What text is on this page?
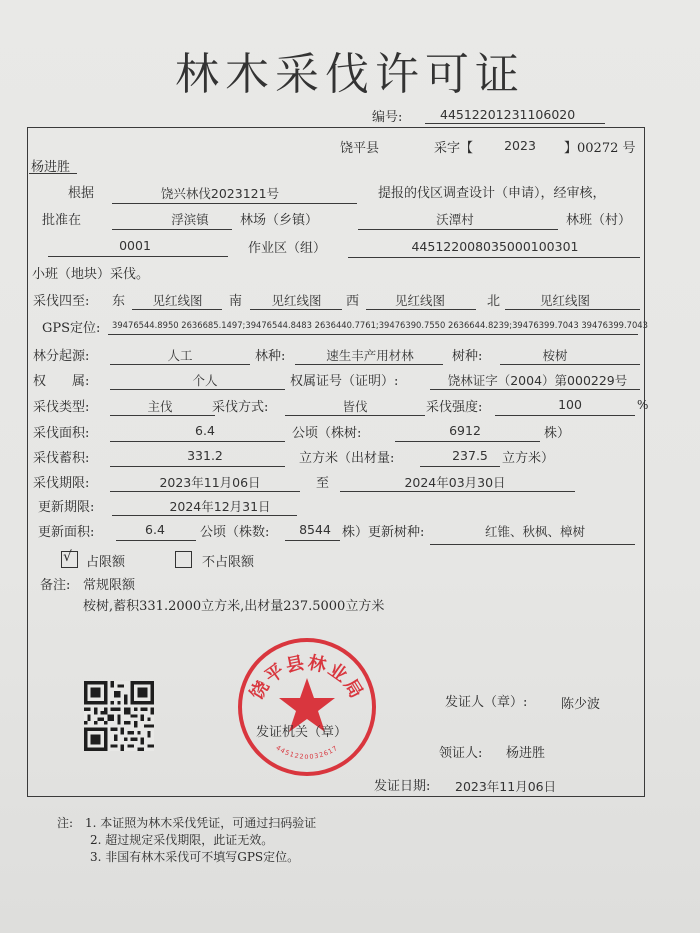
林木采伐许可证
编号:	44512201231106020
饶平县	采字【	2023	】00272 号
杨进胜
根据	饶兴林伐2023121号	提报的伐区调查设计（申请），经审核，
批准在	浮滨镇	林场（乡镇）	沃潭村	林班（村）
0001	作业区（组）	445122008035000100301
小班（地块）采伐。
采伐四至: 东	见红线图	南	见红线图	西	见红线图	北	见红线图
GPS定位: 39476544.8950 2636685.1497;39476544.8483 2636440.7761;39476390.7550 2636644.8239;39476399.7043 39476399.7043
林分起源:	人工	林种:	速生丰产用材林	树种:	桉树
权　　属:	个人	权属证号（证明）:	饶林证字（2004）第000229号
采伐类型:	主伐	采伐方式:	皆伐	采伐强度:	100	%
采伐面积:	6.4	公顷（株树:	6912	株）
采伐蓄积:	331.2	立方米（出材量:	237.5	立方米）
采伐期限:	2023年11月06日	至	2024年03月30日
更新期限:	2024年12月31日
更新面积:	6.4	公顷（株数:	8544 株）更新树种:	红锥、秋枫、樟树
√ 占限额	不占限额
备注: 常规限额
桉树,蓄积331.2000立方米,出材量237.5000立方米
饶平县林业局
4451220032617
发证人（章）:	陈少波
发证机关（章）
领证人: 杨进胜
发证日期: 2023年11月06日
注:　1. 本证照为林木采伐凭证，可通过扫码验证
2. 超过规定采伐期限，此证无效。
3. 非国有林木采伐可不填写GPS定位。
